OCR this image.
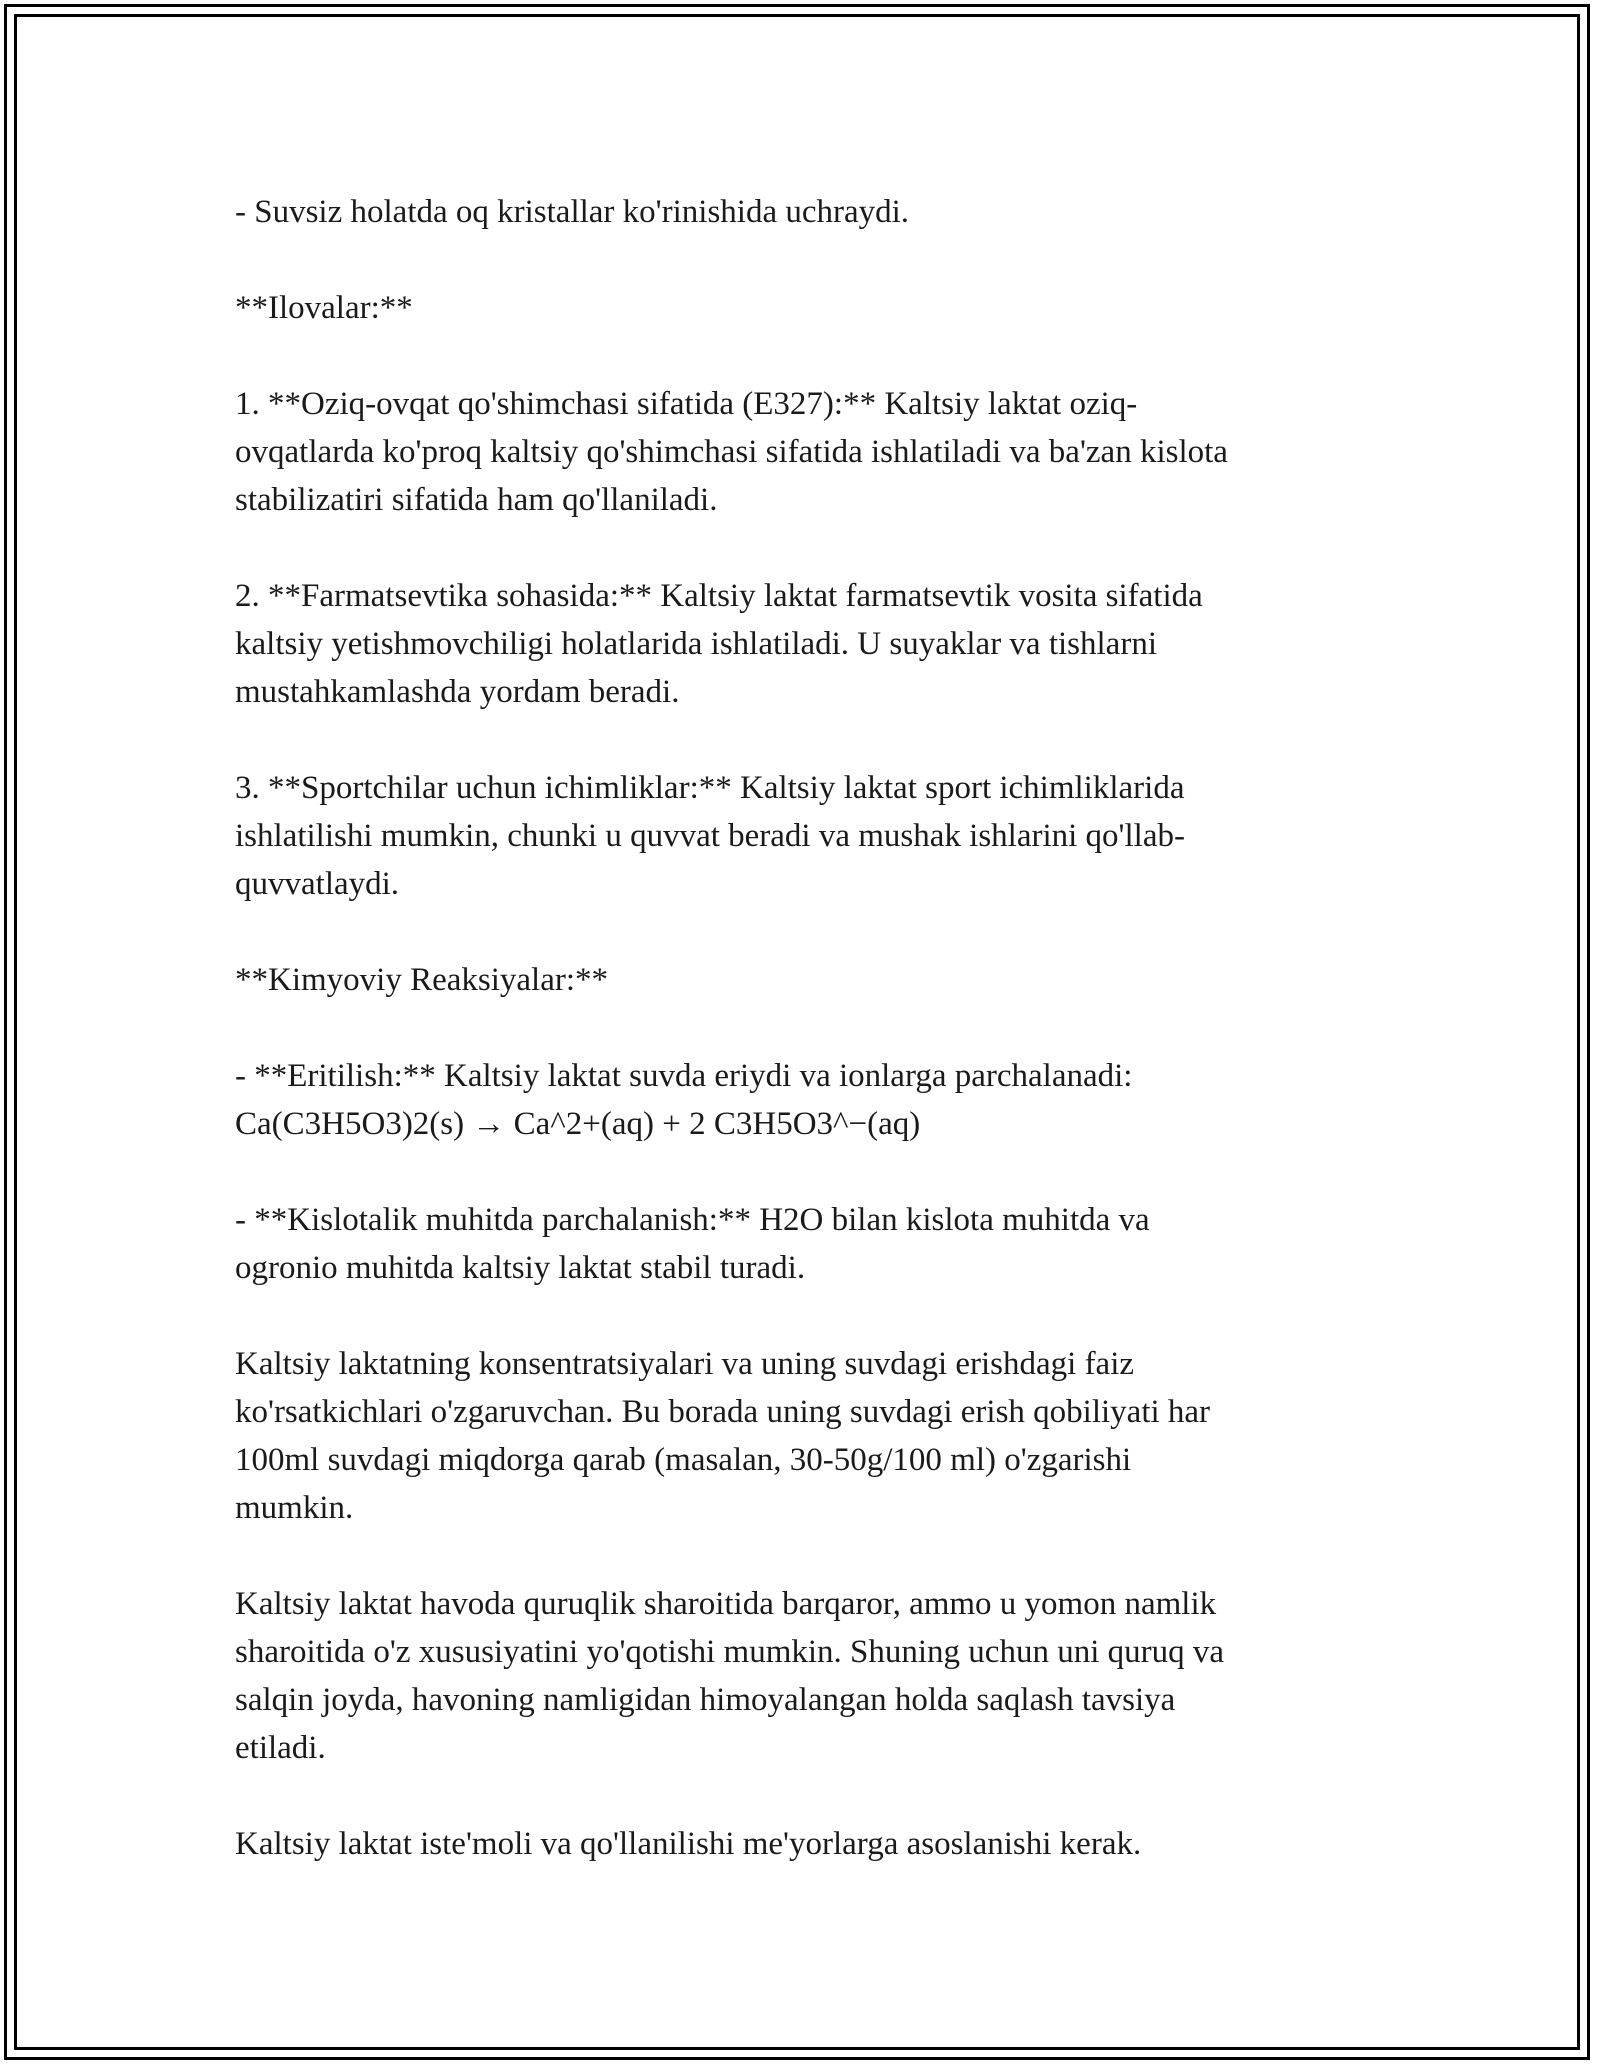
- Suvsiz holatda oq kristallar ko'rinishida uchraydi.

**Ilovalar:**

1. **Oziq-ovqat qo'shimchasi sifatida (E327):** Kaltsiy laktat oziq-
ovqatlarda ko'proq kaltsiy qo'shimchasi sifatida ishlatiladi va ba'zan kislota
stabilizatiri sifatida ham qo'llaniladi.

2. **Farmatsevtika sohasida:** Kaltsiy laktat farmatsevtik vosita sifatida
kaltsiy yetishmovchiligi holatlarida ishlatiladi. U suyaklar va tishlarni
mustahkamlashda yordam beradi.

3. **Sportchilar uchun ichimliklar:** Kaltsiy laktat sport ichimliklarida
ishlatilishi mumkin, chunki u quvvat beradi va mushak ishlarini qo'llab-
quvvatlaydi.

**Kimyoviy Reaksiyalar:**

- **Eritilish:** Kaltsiy laktat suvda eriydi va ionlarga parchalanadi:
Ca(C3H5O3)2(s) → Ca^2+(aq) + 2 C3H5O3^−(aq)

- **Kislotalik muhitda parchalanish:** H2O bilan kislota muhitda va
ogronio muhitda kaltsiy laktat stabil turadi.

Kaltsiy laktatning konsentratsiyalari va uning suvdagi erishdagi faiz
ko'rsatkichlari o'zgaruvchan. Bu borada uning suvdagi erish qobiliyati har
100ml suvdagi miqdorga qarab (masalan, 30-50g/100 ml) o'zgarishi
mumkin.

Kaltsiy laktat havoda quruqlik sharoitida barqaror, ammo u yomon namlik
sharoitida o'z xususiyatini yo'qotishi mumkin. Shuning uchun uni quruq va
salqin joyda, havoning namligidan himoyalangan holda saqlash tavsiya
etiladi.

Kaltsiy laktat iste'moli va qo'llanilishi me'yorlarga asoslanishi kerak.
